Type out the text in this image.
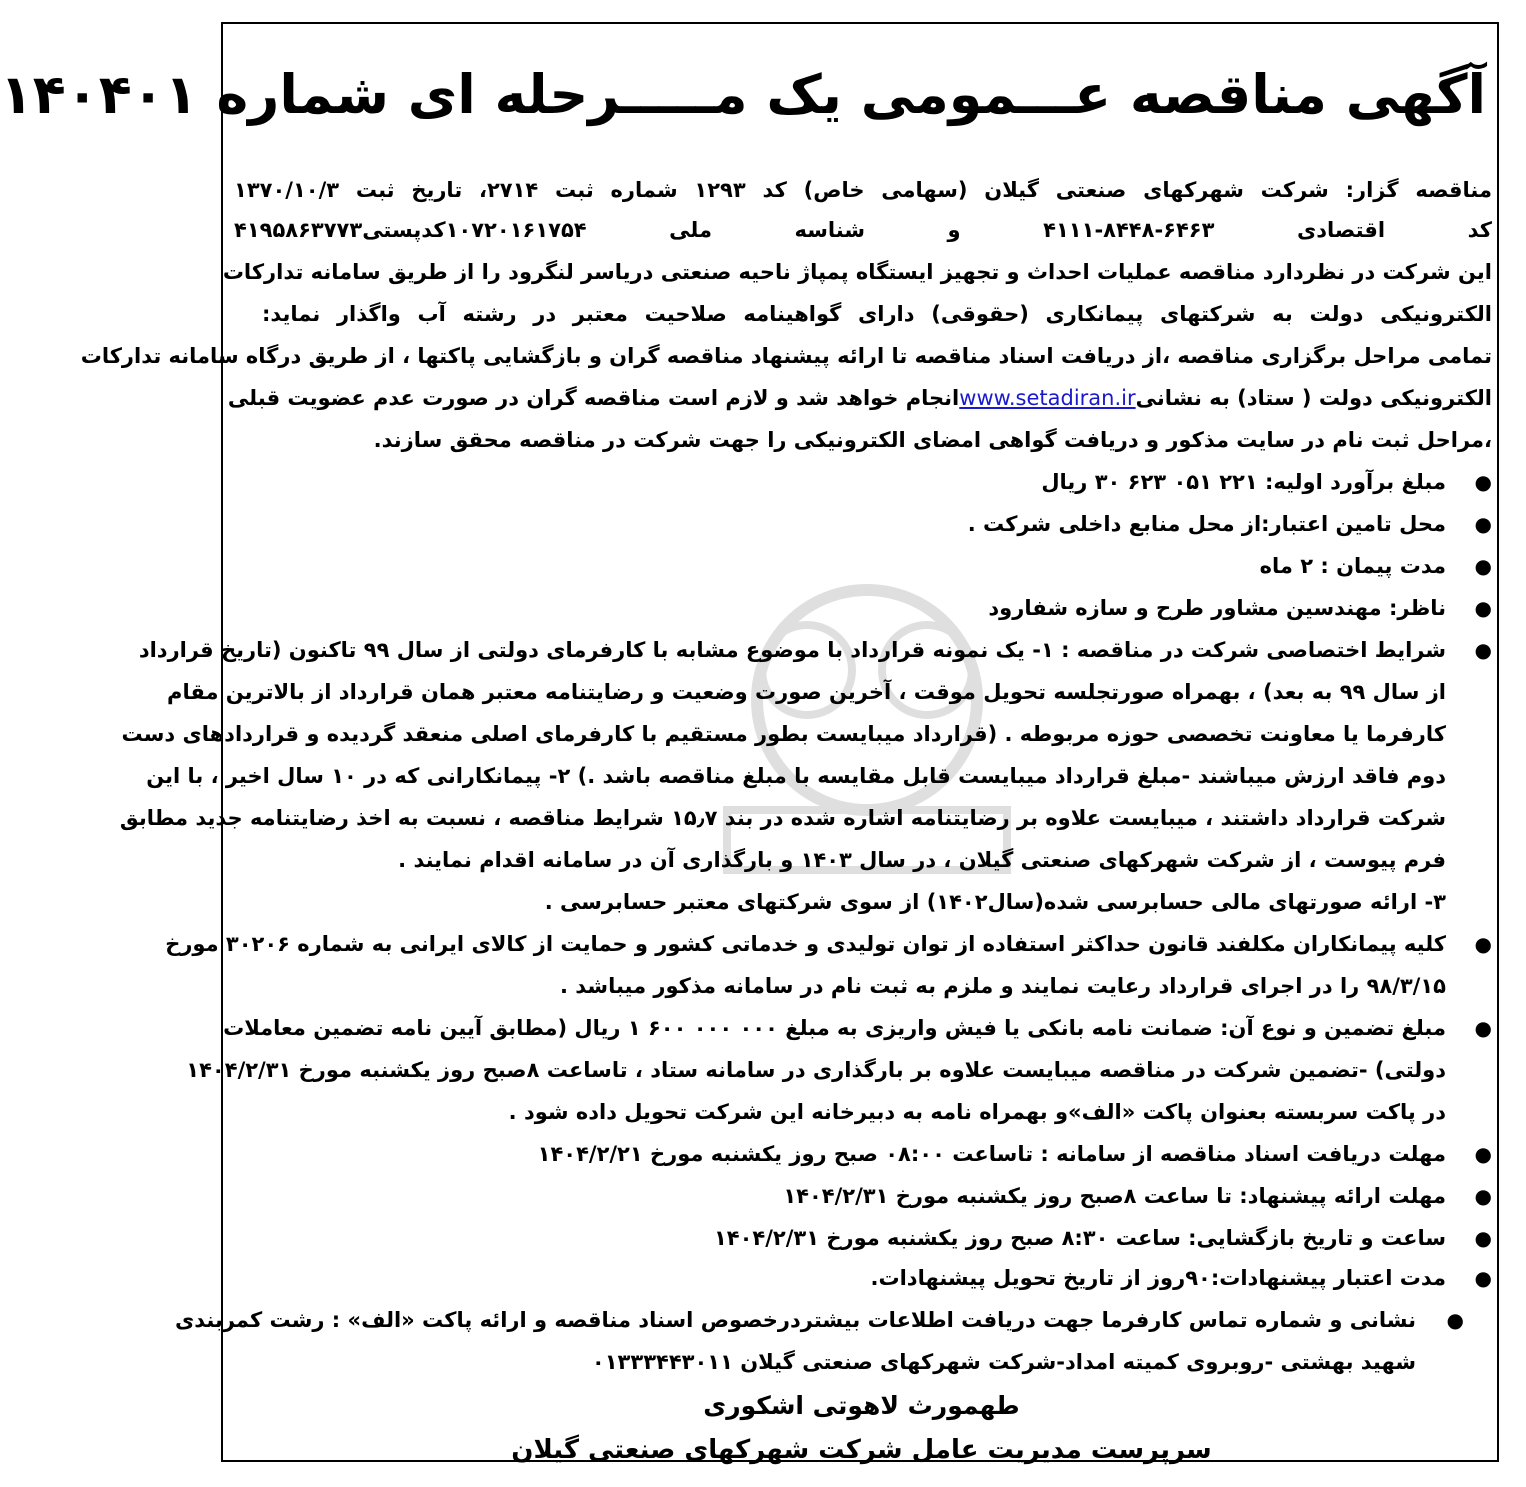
آگهی مناقصه عـــمومی یک مـــــرحله ای شماره ۱۴۰۴۰۱
مناقصه گزار: شرکت شهرکهای صنعتی گیلان (سهامی خاص) کد ۱۲۹۳ شماره ثبت ۲۷۱۴، تاریخ ثبت ۱۳۷۰/۱۰/۳
کد اقتصادی ۶۴۶۳-۸۴۴۸-۴۱۱۱ و شناسه ملی ۱۰۷۲۰۱۶۱۷۵۴کدپستی۴۱۹۵۸۶۳۷۷۳
این شرکت در نظردارد مناقصه عملیات احداث و تجهیز ایستگاه پمپاژ ناحیه صنعتی دریاسر لنگرود را از طریق سامانه تدارکات
الکترونیکی دولت به شرکتهای پیمانکاری (حقوقی) دارای گواهینامه صلاحیت معتبر در رشته آب واگذار نماید:
تمامی مراحل برگزاری مناقصه ،از دریافت اسناد مناقصه تا ارائه پیشنهاد مناقصه گران و بازگشایی پاکتها ، از طریق درگاه سامانه تدارکات
الکترونیکی دولت ( ستاد) به نشانی
www.setadiran.ir
انجام خواهد شد و لازم است مناقصه گران در صورت عدم عضویت قبلی
،مراحل ثبت نام در سایت مذکور و دریافت گواهی امضای الکترونیکی را جهت شرکت در مناقصه محقق سازند.
●
مبلغ برآورد اولیه: ۲۲۱ ۰۵۱ ۶۲۳ ۳۰ ریال
●
محل تامین اعتبار:از محل منابع داخلی شرکت .
●
مدت پیمان : ۲ ماه
●
ناظر: مهندسین مشاور طرح و سازه شفارود
●
شرایط اختصاصی شرکت در مناقصه : ۱- یک نمونه قرارداد با موضوع مشابه با کارفرمای دولتی از سال ۹۹ تاکنون (تاریخ قرارداد
از سال ۹۹ به بعد) ، بهمراه صورتجلسه تحویل موقت ، آخرین صورت وضعیت و رضایتنامه معتبر همان قرارداد از بالاترین مقام
کارفرما یا معاونت تخصصی حوزه مربوطه . (قرارداد میبایست بطور مستقیم با کارفرمای اصلی منعقد گردیده و قراردادهای دست
دوم فاقد ارزش میباشند -مبلغ قرارداد میبایست قابل مقایسه با مبلغ مناقصه باشد .) ۲- پیمانکارانی که در ۱۰ سال اخیر ، با این
شرکت قرارداد داشتند ، میبایست علاوه بر رضایتنامه اشاره شده در بند ۱۵٫۷ شرایط مناقصه ، نسبت به اخذ رضایتنامه جدید مطابق
فرم پیوست ، از شرکت شهرکهای صنعتی گیلان ، در سال ۱۴۰۳ و بارگذاری آن در سامانه اقدام نمایند .
۳- ارائه صورتهای مالی حسابرسی شده(سال۱۴۰۲) از سوی شرکتهای معتبر حسابرسی .
●
کلیه پیمانکاران مکلفند قانون حداکثر استفاده از توان تولیدی و خدماتی کشور و حمایت از کالای ایرانی به شماره ۳۰۲۰۶ مورخ
۹۸/۳/۱۵ را در اجرای قرارداد رعایت نمایند و ملزم به ثبت نام در سامانه مذکور میباشد .
●
مبلغ تضمین و نوع آن: ضمانت نامه بانکی یا فیش واریزی به مبلغ ۰۰۰ ۰۰۰ ۶۰۰ ۱ ریال (مطابق آیین نامه تضمین معاملات
دولتی) -تضمین شرکت در مناقصه میبایست علاوه بر بارگذاری در سامانه ستاد ، تاساعت ۸صبح روز یکشنبه مورخ ۱۴۰۴/۲/۳۱
در پاکت سربسته بعنوان پاکت «الف»و بهمراه نامه به دبیرخانه این شرکت تحویل داده شود .
●
مهلت دریافت اسناد مناقصه از سامانه : تاساعت ۰۸:۰۰ صبح روز یکشنبه مورخ ۱۴۰۴/۲/۲۱
●
مهلت ارائه پیشنهاد: تا ساعت ۸صبح روز یکشنبه مورخ ۱۴۰۴/۲/۳۱
●
ساعت و تاریخ بازگشایی: ساعت ۸:۳۰ صبح روز یکشنبه مورخ ۱۴۰۴/۲/۳۱
●
مدت اعتبار پیشنهادات:۹۰روز از تاریخ تحویل پیشنهادات.
●
نشانی و شماره تماس کارفرما جهت دریافت اطلاعات بیشتردرخصوص اسناد مناقصه و ارائه پاکت «الف» : رشت کمربندی
شهید بهشتی -روبروی کمیته امداد-شرکت شهرکهای صنعتی گیلان ۰۱۳۳۳۴۴۳۰۱۱
طهمورث لاهوتی اشکوری
سرپرست مدیریت عامل شرکت شهرکهای صنعتی گیلان
